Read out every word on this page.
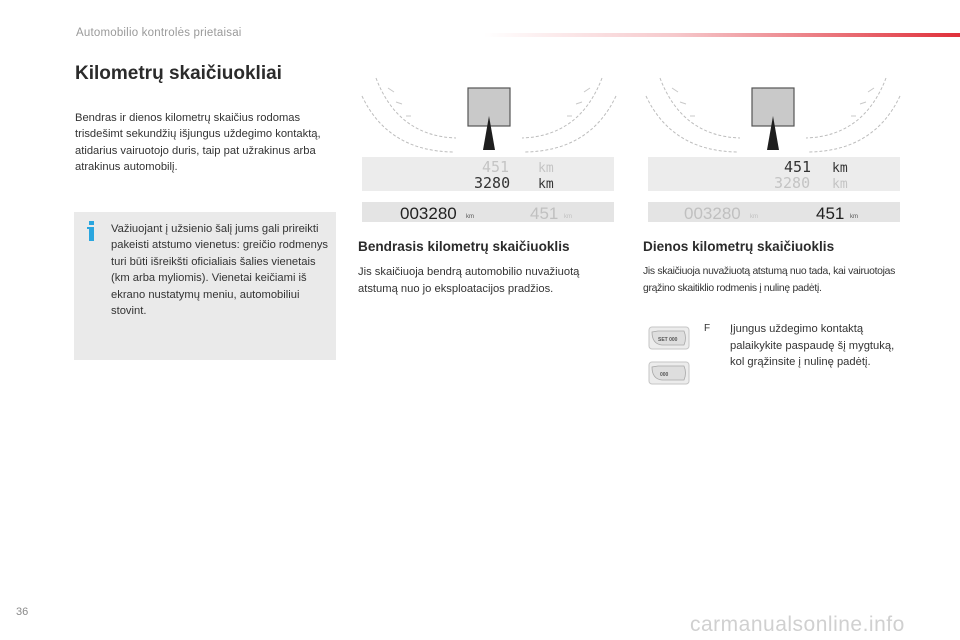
Automobilio kontrolės prietaisai
Kilometrų skaičiuokliai
Bendras ir dienos kilometrų skaičius rodomas trisdešimt sekundžių išjungus uždegimo kontaktą, atidarius vairuotojo duris, taip pat užrakinus arba atrakinus automobilį.
Važiuojant į užsienio šalį jums gali prireikti pakeisti atstumo vienetus: greičio rodmenys turi būti išreikšti oficialiais šalies vienetais (km arba myliomis). Vienetai keičiami iš ekrano nustatymų meniu, automobiliui stovint.
451 km
3280 km
003280 km	451 km
Bendrasis kilometrų skaičiuoklis
Jis skaičiuoja bendrą automobilio nuvažiuotą atstumą nuo jo eksploatacijos pradžios.
451 km
3280 km
003280 km	451 km
Dienos kilometrų skaičiuoklis
Jis skaičiuoja nuvažiuotą atstumą nuo tada, kai vairuotojas grąžino skaitiklio rodmenis į nulinę padėtį.
SET 000
000
F Įjungus uždegimo kontaktą palaikykite paspaudę šį mygtuką, kol grąžinsite į nulinę padėtį.
36
carmanualsonline.info
